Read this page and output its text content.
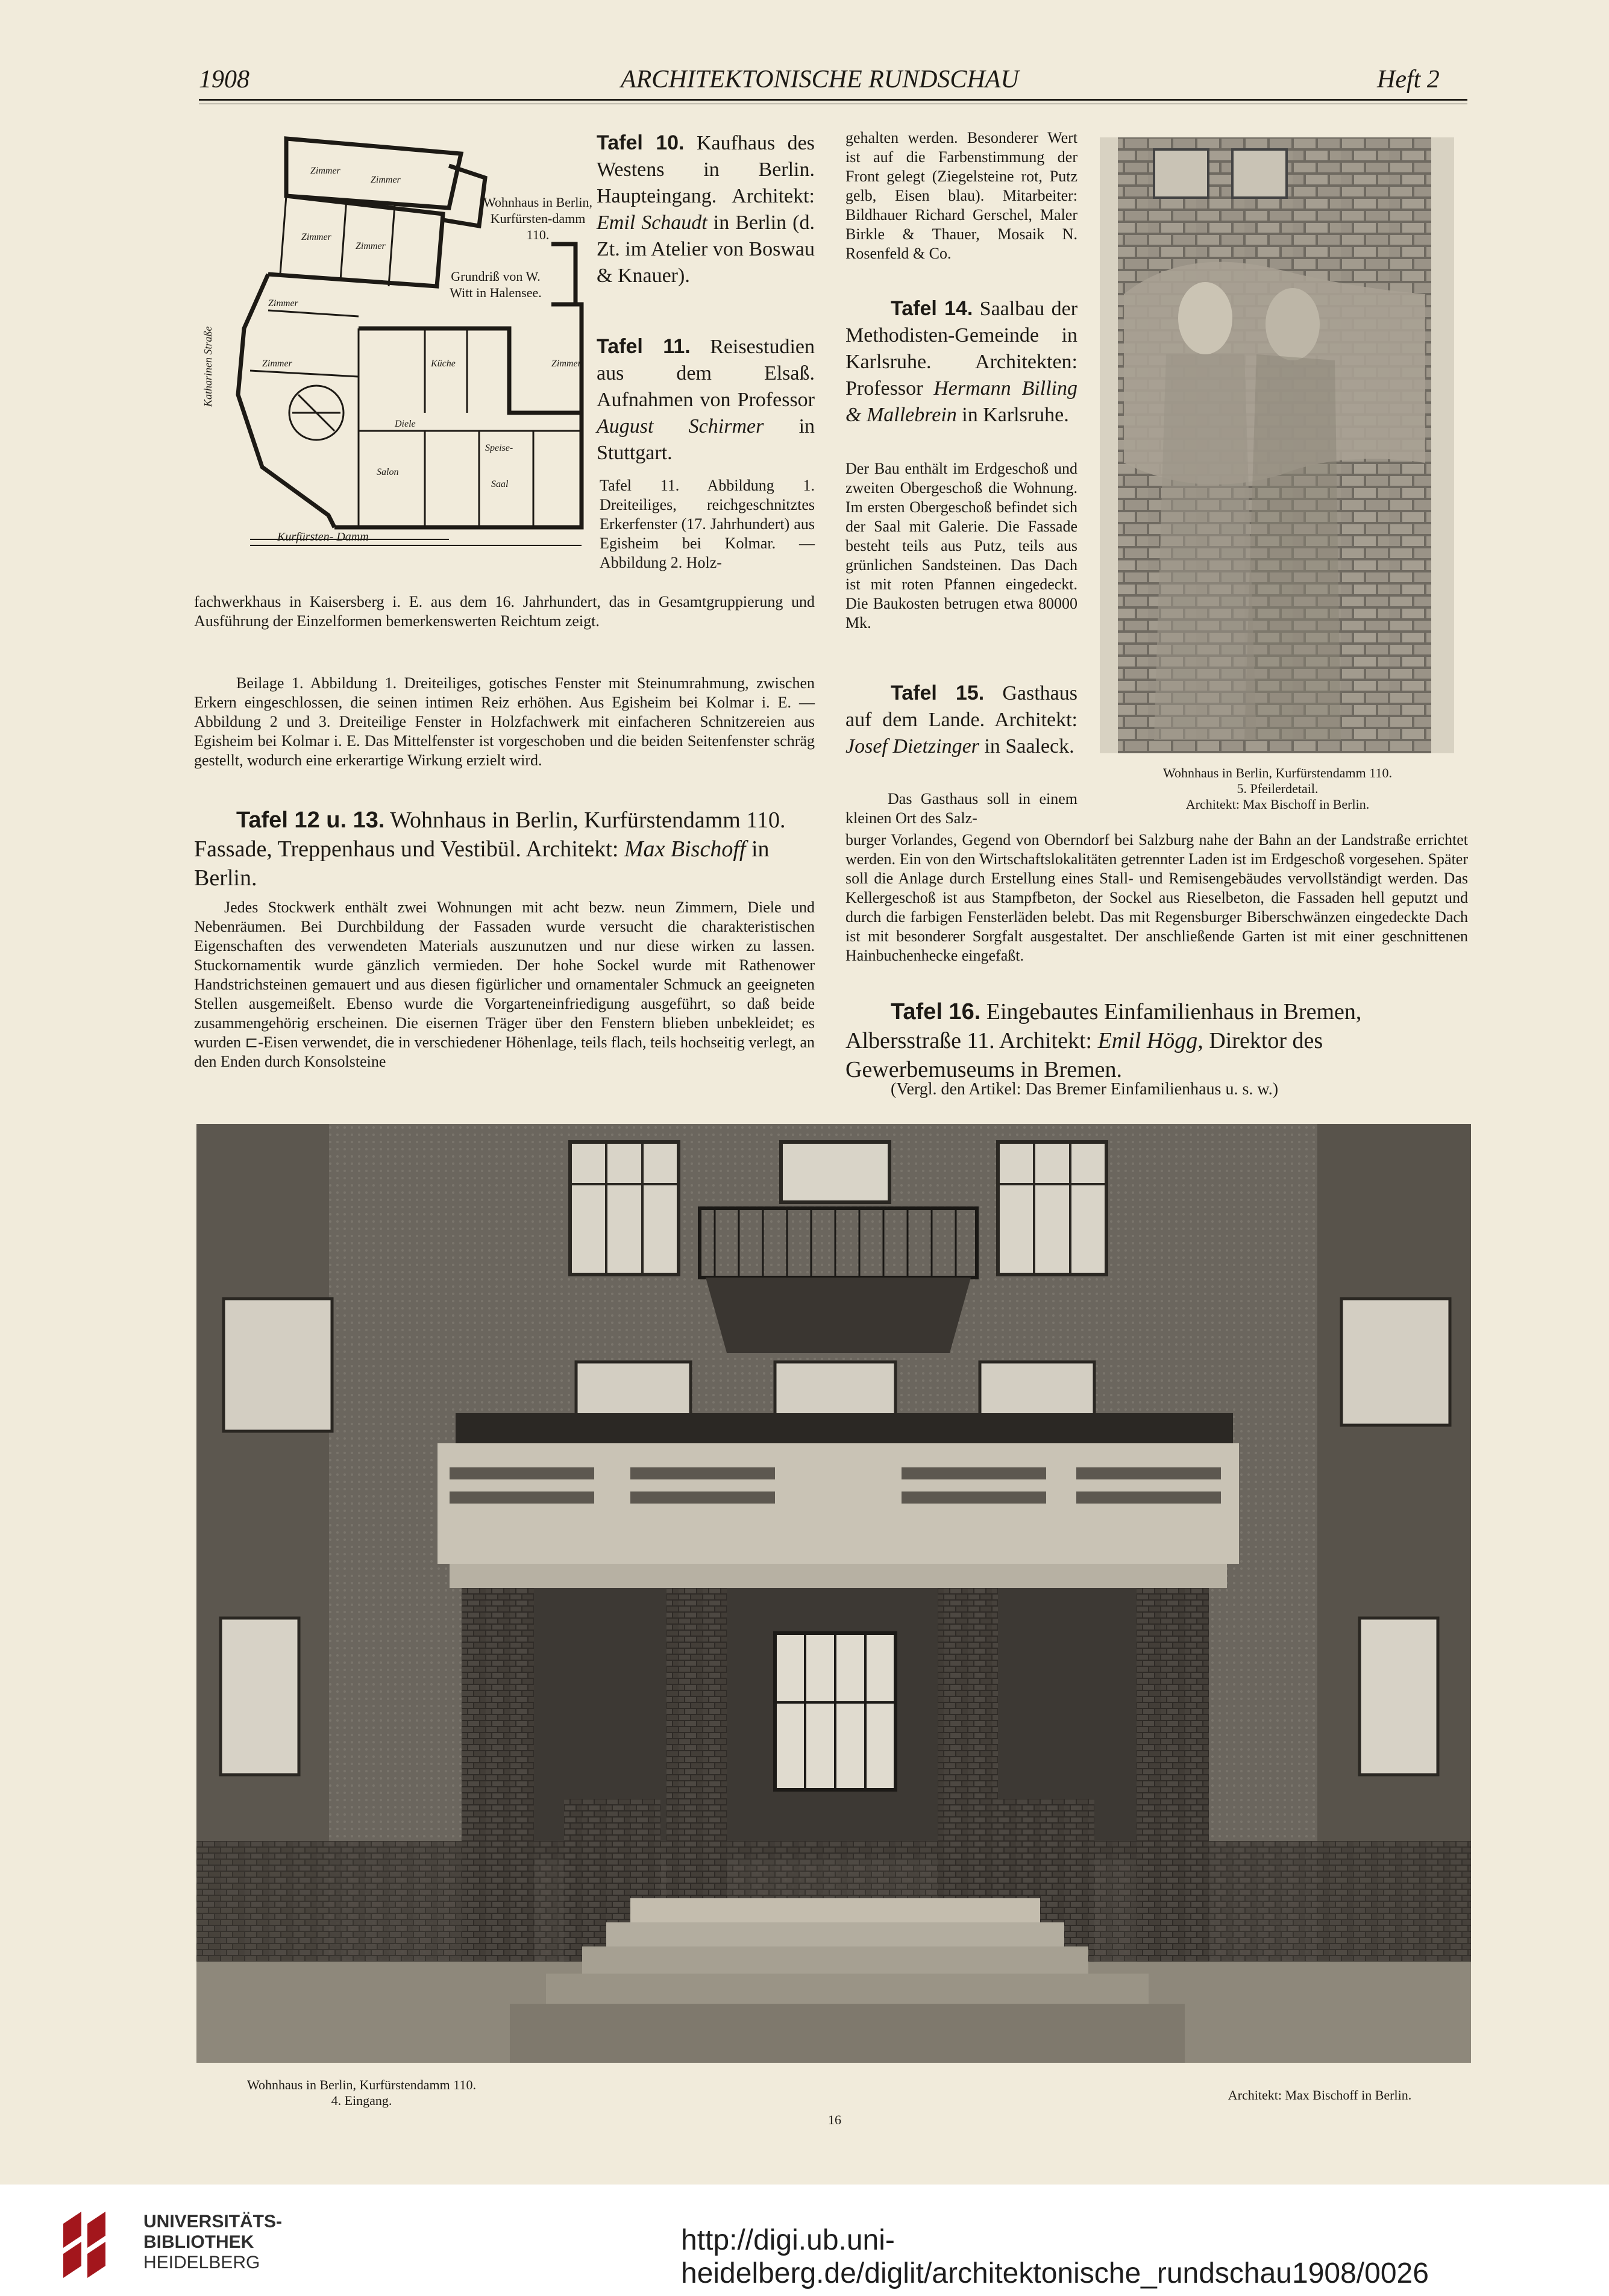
1908	ARCHITEKTONISCHE RUNDSCHAU	Heft 2
Katharinen Straße
Kurfürsten- Damm
Zimmer
Zimmer
Zimmer
Zimmer
Zimmer
Zimmer
Salon
Speise-
Saal
Diele
Küche	Zimmer
Wohnhaus in Berlin, Kurfürsten-damm 110.
Grundriß von W. Witt in Halensee.
Tafel 10. Kaufhaus des Westens in Berlin. Haupteingang. Architekt: Emil Schaudt in Berlin (d. Zt. im Atelier von Boswau & Knauer).
Tafel 11. Reisestudien aus dem Elsaß. Aufnahmen von Professor August Schirmer in Stuttgart.
Tafel 11. Abbildung 1. Dreiteiliges, reichgeschnitztes Erkerfenster (17. Jahrhundert) aus Egisheim bei Kolmar. — Abbildung 2. Holz-
fachwerkhaus in Kaisersberg i. E. aus dem 16. Jahrhundert, das in Gesamtgruppierung und Ausführung der Einzelformen bemerkenswerten Reichtum zeigt.
Beilage 1. Abbildung 1. Dreiteiliges, gotisches Fenster mit Steinumrahmung, zwischen Erkern eingeschlossen, die seinen intimen Reiz erhöhen. Aus Egisheim bei Kolmar i. E. — Abbildung 2 und 3. Dreiteilige Fenster in Holzfachwerk mit einfacheren Schnitzereien aus Egisheim bei Kolmar i. E. Das Mittelfenster ist vorgeschoben und die beiden Seitenfenster schräg gestellt, wodurch eine erkerartige Wirkung erzielt wird.
Tafel 12 u. 13. Wohnhaus in Berlin, Kurfürstendamm 110. Fassade, Treppenhaus und Vestibül. Architekt: Max Bischoff in Berlin.
Jedes Stockwerk enthält zwei Wohnungen mit acht bezw. neun Zimmern, Diele und Nebenräumen. Bei Durchbildung der Fassaden wurde versucht die charakteristischen Eigenschaften des verwendeten Materials auszunutzen und nur diese wirken zu lassen. Stuckornamentik wurde gänzlich vermieden. Der hohe Sockel wurde mit Rathenower Handstrichsteinen gemauert und aus diesen figürlicher und ornamentaler Schmuck an geeigneten Stellen ausgemeißelt. Ebenso wurde die Vorgarteneinfriedigung ausgeführt, so daß beide zusammengehörig erscheinen. Die eisernen Träger über den Fenstern blieben unbekleidet; es wurden ⊏-Eisen verwendet, die in verschiedener Höhenlage, teils flach, teils hochseitig verlegt, an den Enden durch Konsolsteine
gehalten werden. Besonderer Wert ist auf die Farbenstimmung der Front gelegt (Ziegelsteine rot, Putz gelb, Eisen blau). Mitarbeiter: Bildhauer Richard Gerschel, Maler Birkle & Thauer, Mosaik N. Rosenfeld & Co.
Tafel 14. Saalbau der Methodisten-Gemeinde in Karlsruhe. Architekten: Professor Hermann Billing & Mallebrein in Karlsruhe.
Der Bau enthält im Erdgeschoß und zweiten Obergeschoß die Wohnung. Im ersten Obergeschoß befindet sich der Saal mit Galerie. Die Fassade besteht teils aus Putz, teils aus grünlichen Sandsteinen. Das Dach ist mit roten Pfannen eingedeckt. Die Baukosten betrugen etwa 80000 Mk.
Tafel 15. Gasthaus auf dem Lande. Architekt: Josef Dietzinger in Saaleck.
Das Gasthaus soll in einem kleinen Ort des Salz-
burger Vorlandes, Gegend von Oberndorf bei Salzburg nahe der Bahn an der Landstraße errichtet werden. Ein von den Wirtschaftslokalitäten getrennter Laden ist im Erdgeschoß vorgesehen. Später soll die Anlage durch Erstellung eines Stall- und Remisengebäudes vervollständigt werden. Das Kellergeschoß ist aus Stampfbeton, der Sockel aus Rieselbeton, die Fassaden hell geputzt und durch die farbigen Fensterläden belebt. Das mit Regensburger Biberschwänzen eingedeckte Dach ist mit besonderer Sorgfalt ausgestaltet. Der anschließende Garten ist mit einer geschnittenen Hainbuchenhecke eingefaßt.
Tafel 16. Eingebautes Einfamilienhaus in Bremen, Albersstraße 11. Architekt: Emil Högg, Direktor des Gewerbemuseums in Bremen.
(Vergl. den Artikel: Das Bremer Einfamilienhaus u. s. w.)
Wohnhaus in Berlin, Kurfürstendamm 110.
5. Pfeilerdetail.
Architekt: Max Bischoff in Berlin.
Wohnhaus in Berlin, Kurfürstendamm 110.
4. Eingang.	Architekt: Max Bischoff in Berlin.
16
UNIVERSITÄTS-
BIBLIOTHEK
HEIDELBERG
http://digi.ub.uni-heidelberg.de/diglit/architektonische_rundschau1908/0026
